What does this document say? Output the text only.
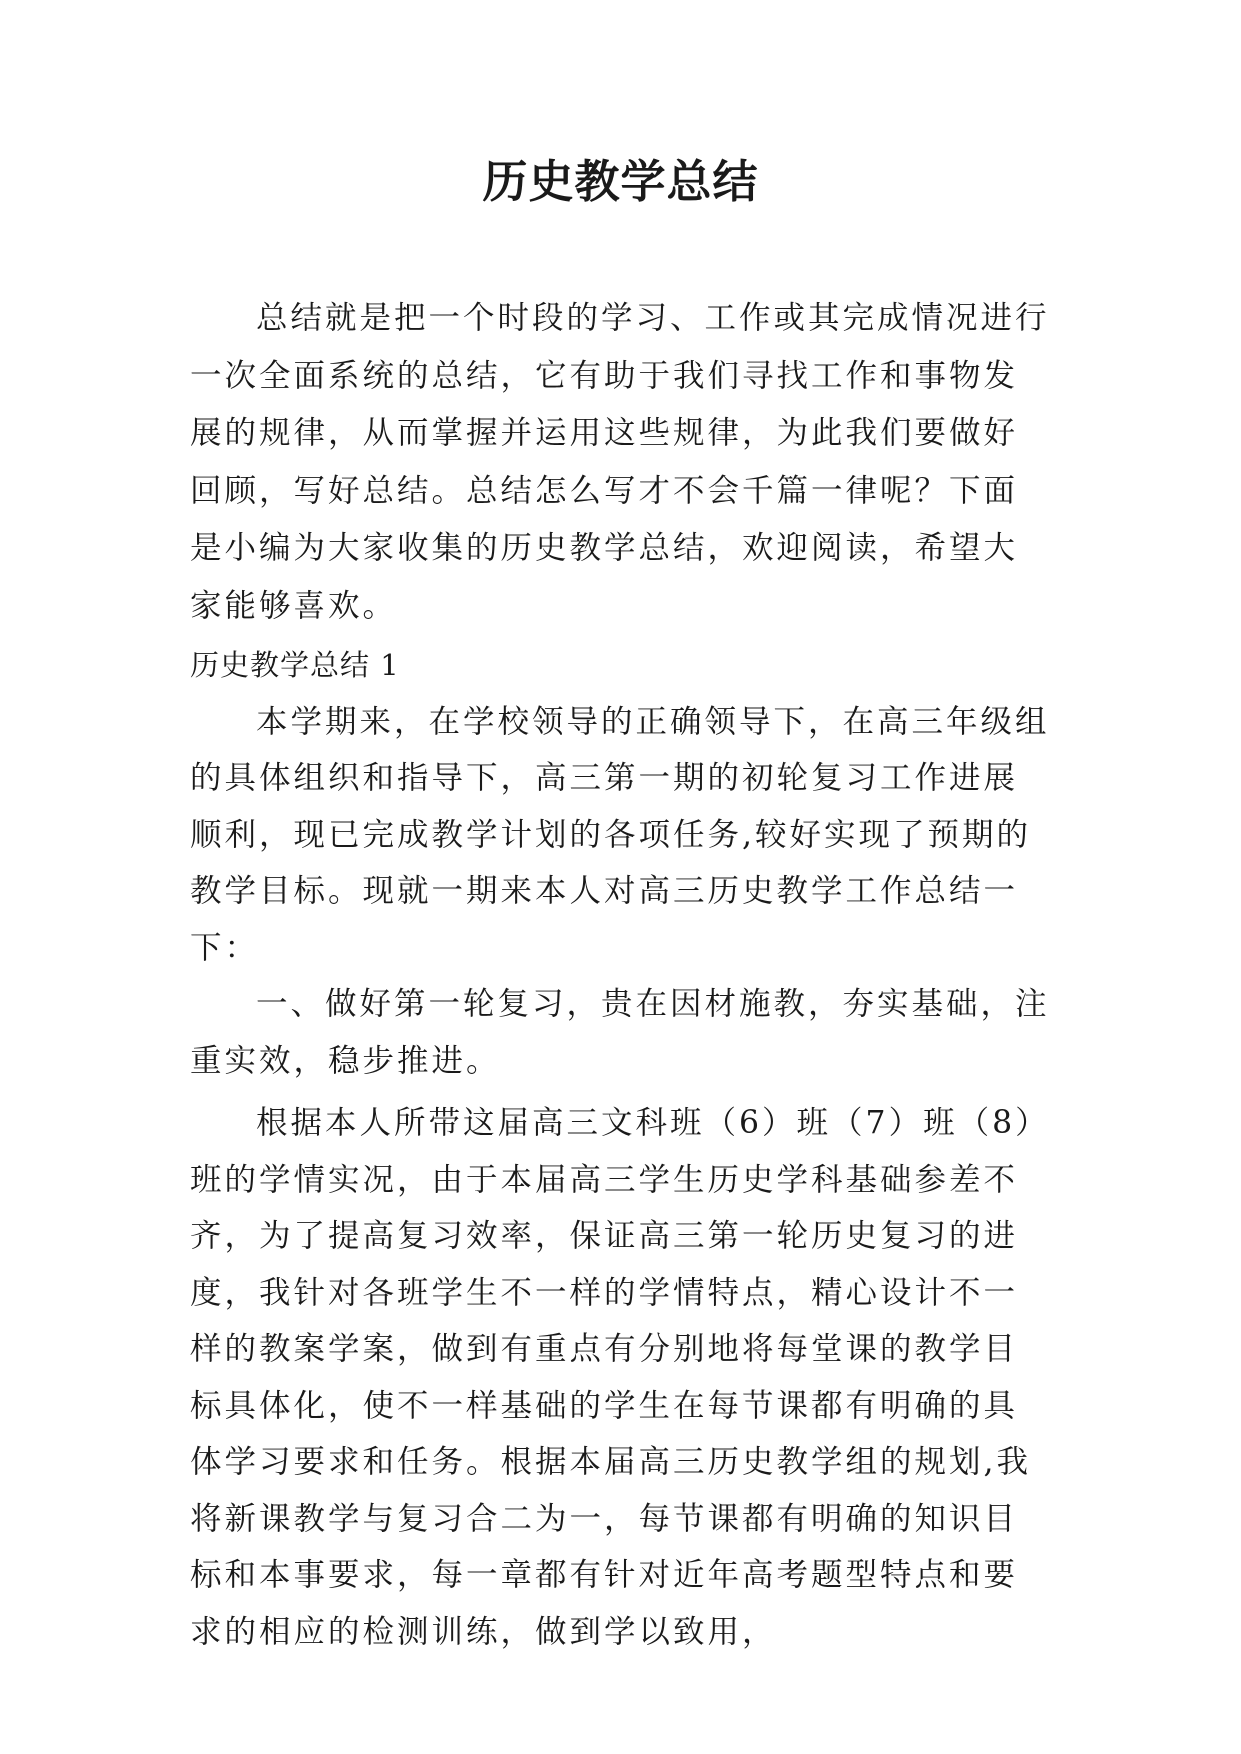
历史教学总结

总结就是把一个时段的学习、工作或其完成情况进行一次全面系统的总结，它有助于我们寻找工作和事物发展的规律，从而掌握并运用这些规律，为此我们要做好回顾，写好总结。总结怎么写才不会千篇一律呢？下面是小编为大家收集的历史教学总结，欢迎阅读，希望大家能够喜欢。

历史教学总结 1

本学期来，在学校领导的正确领导下，在高三年级组的具体组织和指导下，高三第一期的初轮复习工作进展顺利，现已完成教学计划的各项任务,较好实现了预期的教学目标。现就一期来本人对高三历史教学工作总结一下：

一、做好第一轮复习，贵在因材施教，夯实基础，注重实效，稳步推进。

根据本人所带这届高三文科班（6）班（7）班（8）班的学情实况，由于本届高三学生历史学科基础参差不齐，为了提高复习效率，保证高三第一轮历史复习的进度，我针对各班学生不一样的学情特点，精心设计不一样的教案学案，做到有重点有分别地将每堂课的教学目标具体化，使不一样基础的学生在每节课都有明确的具体学习要求和任务。根据本届高三历史教学组的规划,我将新课教学与复习合二为一，每节课都有明确的知识目标和本事要求，每一章都有针对近年高考题型特点和要求的相应的检测训练，做到学以致用，
